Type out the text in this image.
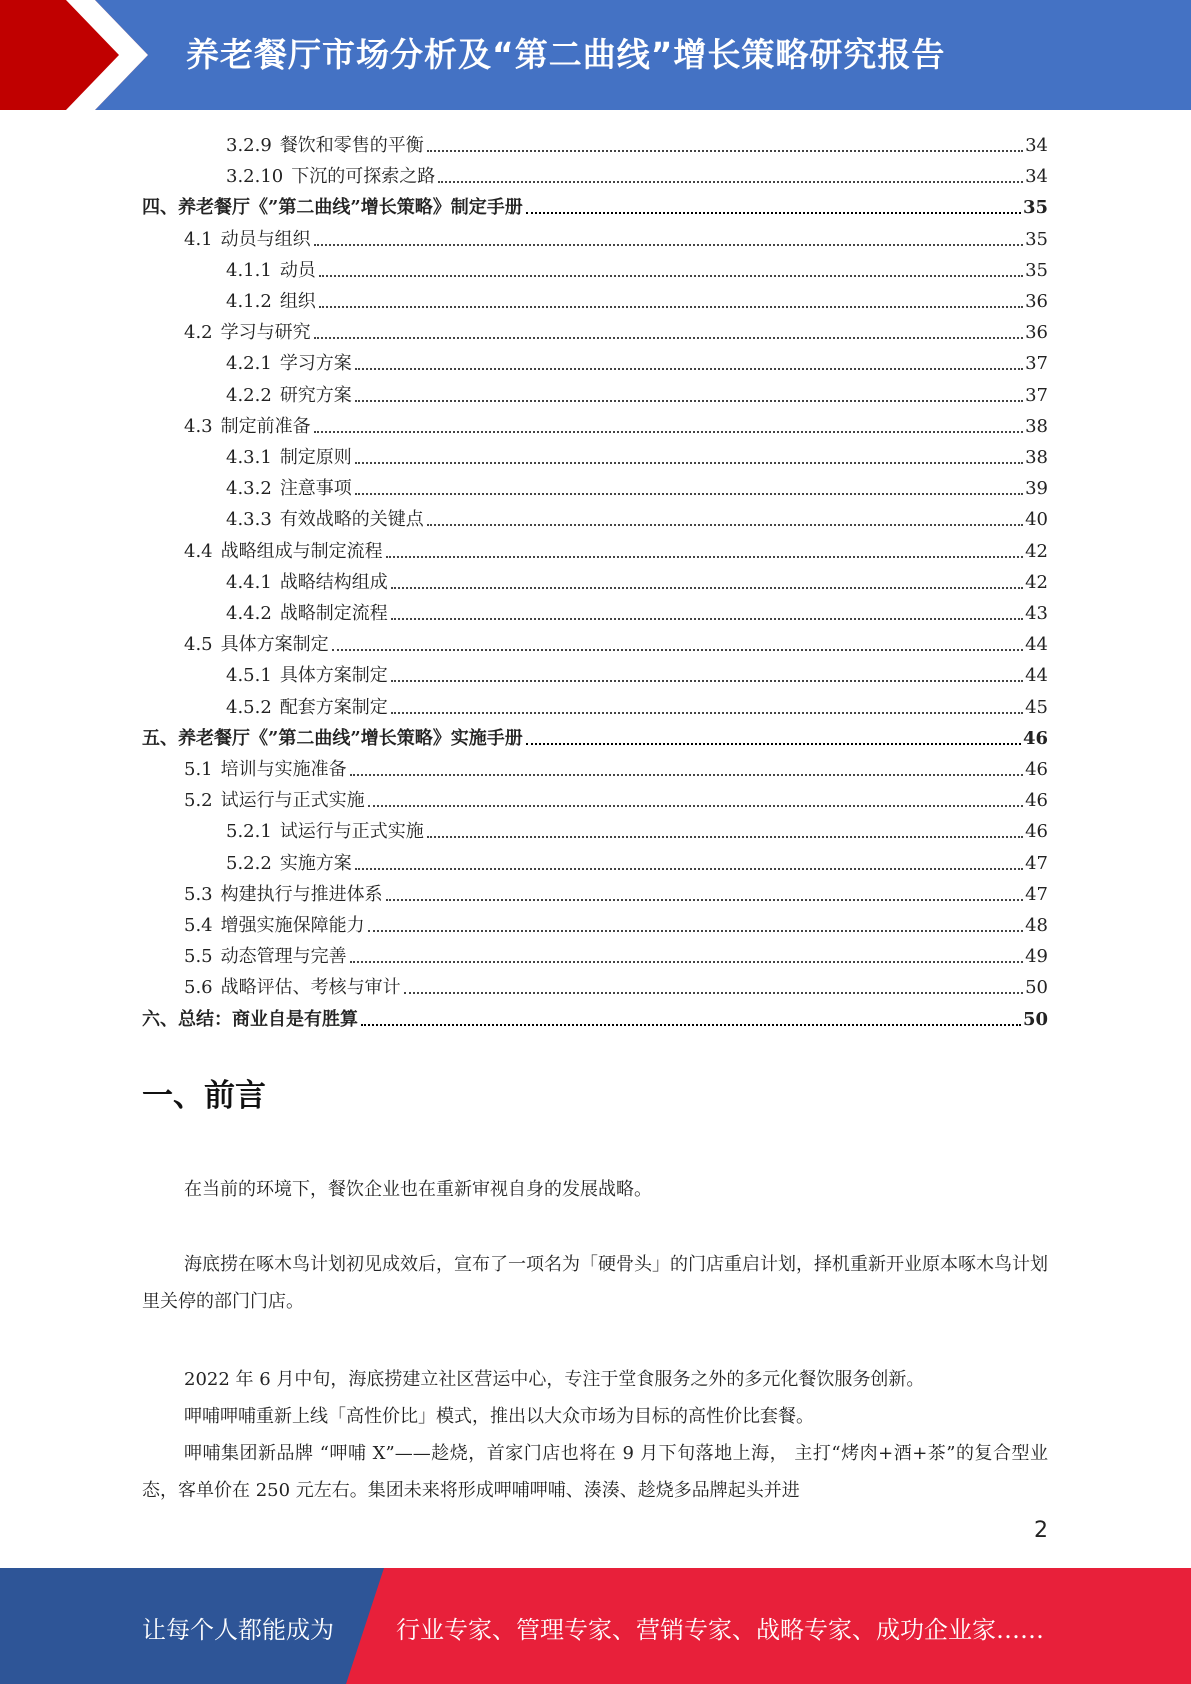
养老餐厅市场分析及“第二曲线”增长策略研究报告
3.2.9 餐饮和零售的平衡	34
3.2.10 下沉的可探索之路	34
四、养老餐厅《”第二曲线”增长策略》制定手册	35
4.1 动员与组织	35
4.1.1 动员	35
4.1.2 组织	36
4.2 学习与研究	36
4.2.1 学习方案	37
4.2.2 研究方案	37
4.3 制定前准备	38
4.3.1 制定原则	38
4.3.2 注意事项	39
4.3.3 有效战略的关键点	40
4.4 战略组成与制定流程	42
4.4.1 战略结构组成	42
4.4.2 战略制定流程	43
4.5 具体方案制定	44
4.5.1 具体方案制定	44
4.5.2 配套方案制定	45
五、养老餐厅《”第二曲线”增长策略》实施手册	46
5.1 培训与实施准备	46
5.2 试运行与正式实施	46
5.2.1 试运行与正式实施	46
5.2.2 实施方案	47
5.3 构建执行与推进体系	47
5.4 增强实施保障能力	48
5.5 动态管理与完善	49
5.6 战略评估、考核与审计	50
六、总结：商业自是有胜算	50
一、前言
在当前的环境下，餐饮企业也在重新审视自身的发展战略。
海底捞在啄木鸟计划初见成效后，宣布了一项名为「硬骨头」的门店重启计划，择机重新开业原本啄木鸟计划里关停的部门门店。
2022 年 6 月中旬，海底捞建立社区营运中心，专注于堂食服务之外的多元化餐饮服务创新。
呷哺呷哺重新上线「高性价比」模式，推出以大众市场为目标的高性价比套餐。
呷哺集团新品牌 “呷哺 X”——趁烧，首家门店也将在 9 月下旬落地上海， 主打“烤肉+酒+茶”的复合型业态，客单价在 250 元左右。集团未来将形成呷哺呷哺、湊湊、趁烧多品牌起头并进
2
让每个人都能成为	行业专家、管理专家、营销专家、战略专家、成功企业家……
